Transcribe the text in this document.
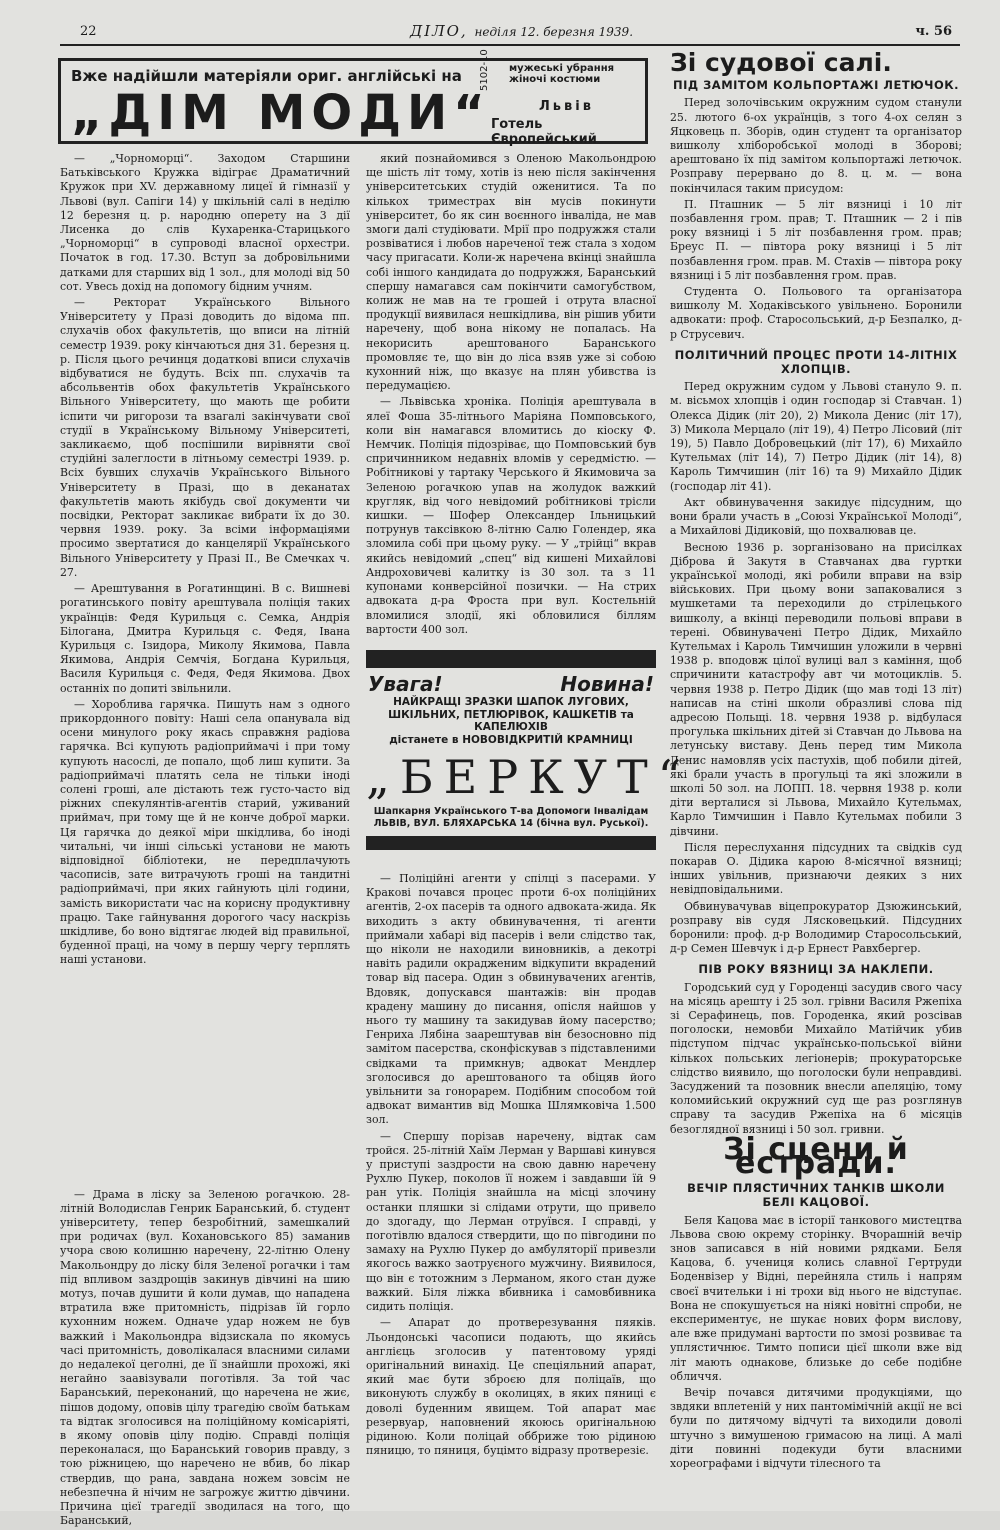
22	ДІЛО, неділя 12. березня 1939.	ч. 56
Вже надійшли матеріяли ориг. англійські на	мужеські убрання жіночі костюми
„ДІМ МОДИ“
5102-10
Львів
Готель Європейський

— „Чорноморці“. Заходом Старшини Батьківського Кружка відіграє Драматичний Кружок при XV. державному лицеї й гімназії у Львові (вул. Сапіги 14) у шкільній салі в неділю 12 березня ц. р. народню оперету на 3 дії Лисенка до слів Кухаренка-Старицького „Чорноморці“ в супроводі власної орхестри. Початок в год. 17.30. Вступ за добровільними датками для старших від 1 зол., для молоді від 50 сот. Увесь дохід на допомогу бідним учням.

— Ректорат Українського Вільного Університету у Празі доводить до відома пп. слухачів обох факультетів, що вписи на літній семестр 1939. року кінчаються дня 31. березня ц. р. Після цього речинця додаткові вписи слухачів відбуватися не будуть. Всіх пп. слухачів та абсольвентів обох факультетів Українського Вільного Університету, що мають ще робити іспити чи ригорози та взагалі закінчувати свої студії в Українському Вільному Університеті, закликаємо, щоб поспішили вирівняти свої студійні залеглости в літньому семестрі 1939. р. Всіх бувших слухачів Українського Вільного Університету в Празі, що в деканатах факультетів мають якібудь свої документи чи посвідки, Ректорат закликає вибрати їх до 30. червня 1939. року. За всіми інформаціями просимо звертатися до канцелярії Українського Вільного Університету у Празі II., Ве Смечках ч. 27.

— Арештування в Рогатинщині. В с. Вишневі рогатинського повіту арештувала поліція таких українців: Федя Курильця с. Семка, Андрія Білогана, Дмитра Курильця с. Федя, Івана Курильця с. Ізидора, Миколу Якимова, Павла Якимова, Андрія Семчія, Богдана Курильця, Василя Курильця с. Федя, Федя Якимова. Двох останніх по допиті звільнили.

— Хороблива гарячка. Пишуть нам з одного прикордонного повіту: Наші села опанувала від осени минулого року якась справжня радіова гарячка. Всі купують радіоприймачі і при тому купують насослі, де попало, щоб лиш купити. За радіоприймачі платять села не тільки іноді солені гроші, але дістають теж густо-часто від ріжних спекулянтів-агентів старий, уживаний приймач, при тому ще й не конче доброї марки. Ця гарячка до деякої міри шкідлива, бо іноді читальні, чи інші сільські установи не мають відповідної бібліотеки, не передплачують часописів, зате витрачують гроші на тандитні радіоприймачі, при яких гайнують цілі години, замість використати час на корисну продуктивну працю. Таке гайнування дорогого часу наскрізь шкідливе, бо воно відтягає людей від правильної, буденної праці, на чому в першу чергу терплять наші установи.

— Драма в ліску за Зеленою рогачкою. 28-літній Володислав Генрик Баранський, б. студент університету, тепер безробітний, замешкалий при родичах (вул. Кохановського 85) заманив учора свою колишню наречену, 22-літню Олену Макольондру до ліску біля Зеленої рогачки і там під впливом заздрощів закинув дівчині на шию мотуз, почав душити й коли думав, що нападена втратила вже притомність, підрізав їй горло кухонним ножем. Одначе удар ножем не був важкий і Макольондра відзискала по якомусь часі притомність, доволікалася власними силами до недалекої цеголні, де її знайшли прохожі, які негайно заавізували поготівля. За той час Баранський, переконаний, що наречена не жиє, пішов додому, оповів цілу трагедію своїм батькам та відтак зголосився на поліційному комісаріяті, в якому оповів цілу подію. Справді поліція переконалася, що Баранський говорив правду, з тою ріжницею, що наречено не вбив, бо лікар ствердив, що рана, завдана ножем зовсім не небезпечна й нічим не загрожує життю дівчини. Причина цієї трагедії зводилася на того, що Баранський,

який познайомився з Оленою Макольондрою ще шість літ тому, хотів із нею після закінчення університетських студій оженитися. Та по кількох триместрах він мусів покинути університет, бо як син воєнного інваліда, не мав змоги далі студіювати. Мрії про подружжя стали розвіватися і любов нареченої теж стала з ходом часу пригасати. Коли-ж наречена вкінці знайшла собі іншого кандидата до подружжя, Баранський спершу намагався сам покінчити самогубством, колиж не мав на те грошей і отрута власної продукції виявилася нешкідлива, він рішив убити наречену, щоб вона нікому не попалась. На некорисить арештованого Баранського промовляє те, що він до ліса взяв уже зі собою кухонний ніж, що вказує на плян убивства із передумацією.

— Львівська хроніка. Поліція арештувала в ялеї Фоша 35-літнього Маріяна Помповського, коли він намагався вломитись до кіоску Ф. Немчик. Поліція підозріває, що Помповський був спричинником недавніх вломів у середмістю. — Робітникові у тартаку Черського й Якимовича за Зеленою рогачкою упав на жолудок важкий кругляк, від чого невідомий робітникові трісли кишки. — Шофер Олександер Ільницький потрунув таксівкою 8-літню Салю Голендер, яка зломила собі при цьому руку. — У „трійці“ вкрав якийсь невідомий „спец“ від кишені Михайлові Андроховичеві калитку із 30 зол. та з 11 купонами конверсійної позички. — На стрих адвоката д-ра Фроста при вул. Костельній вломилися злодії, які обловилися біллям вартости 400 зол.

Увага!	Новина!
НАЙКРАЩІ ЗРАЗКИ ШАПОК ЛУГОВИХ, ШКІЛЬНИХ, ПЕТЛЮРІВОК, КАШКЕТІВ та КАПЕЛЮХІВ
дістанете в НОВОВІДКРИТІЙ КРАМНИЦІ
„БЕРКУТ“
Шапкарня Українського Т-ва Допомоги Інвалідам
ЛЬВІВ, ВУЛ. БЛЯХАРСЬКА 14 (бічна вул. Руської).

— Поліційні агенти у спілці з пасерами. У Кракові почався процес проти 6-ох поліційних агентів, 2-ох пасерів та одного адвоката-жида. Як виходить з акту обвинувачення, ті агенти приймали хабарі від пасерів і вели слідство так, що ніколи не находили виновників, а декотрі навіть радили окрадженим відкупити вкрадений товар від пасера. Один з обвинувачених агентів, Вдовяк, допускався шантажів: він продав крадену машину до писання, опісля найшов у нього ту машину та закидував йому пасерство; Генриха Лябіна заарештував він безосновно під замітом пасерства, сконфіскував з підставленими свідками та примкнув; адвокат Мендлер зголосився до арештованого та обіцяв його увільнити за гонорарем. Подібним способом той адвокат вимантив від Мошка Шлямковіча 1.500 зол.

— Спершу порізав наречену, відтак сам тройся. 25-літній Хаїм Лерман у Варшаві кинувся у приступі заздрости на свою давню наречену Рухлю Пукер, поколов її ножем і завдавши їй 9 ран утік. Поліція знайшла на місці злочину останки пляшки зі слідами отрути, що привело до здогаду, що Лерман отруївся. І справді, у поготівлю вдалося ствердити, що по півгодини по замаху на Рухлю Пукер до амбуляторії привезли якогось важко заотруєного мужчину. Виявилося, що він є тотожним з Лерманом, якого стан дуже важкий. Біля ліжка вбивника і самовбивника сидить поліція.

— Апарат до протверезування пяяків. Льондонські часописи подають, що якийсь англієць зголосив у патентовому уряді оригінальний винахід. Це спеціяльний апарат, який має бути зброєю для поліцаїв, що виконують службу в околицях, в яких пяниці є доволі буденним явищем. Той апарат має резервуар, наповнений якоюсь оригінальною рідиною. Коли поліцай оббриже тою рідиною пяницю, то пяниця, буцімто відразу протверезіє.

Зі судової салі.
ПІД ЗАМІТОМ КОЛЬПОРТАЖІ ЛЕТЮЧОК.

Перед золочівським окружним судом станули 25. лютого 6-ох українців, з того 4-ох селян з Яцковець п. Зборів, один студент та організатор вишколу хліборобської молоді в Зборові; арештовано їх під замітом кольпортажі летючок. Розправу перервано до 8. ц. м. — вона покінчилася таким присудом:

П. Пташник — 5 літ вязниці і 10 літ позбавлення гром. прав; Т. Пташник — 2 і пів року вязниці і 5 літ позбавлення гром. прав; Бреус П. — півтора року вязниці і 5 літ позбавлення гром. прав. М. Стахів — півтора року вязниці і 5 літ позбавлення гром. прав.

Студента О. Польового та організатора вишколу М. Ходаківського увільнено. Боронили адвокати: проф. Старосольський, д-р Безпалко, д-р Струсевич.

ПОЛІТИЧНИЙ ПРОЦЕС ПРОТИ 14-ЛІТНІХ ХЛОПЦІВ.

Перед окружним судом у Львові стануло 9. п. м. вісьмох хлопців і один господар зі Ставчан. 1) Олекса Дідик (літ 20), 2) Микола Денис (літ 17), 3) Микола Мерцало (літ 19), 4) Петро Лісовий (літ 19), 5) Павло Добровецький (літ 17), 6) Михайло Кутельмах (літ 14), 7) Петро Дідик (літ 14), 8) Кароль Тимчишин (літ 16) та 9) Михайло Дідик (господар літ 41).

Акт обвинувачення закидує підсудним, що вони брали участь в „Союзі Української Молоді“, а Михайлові Дідиковій, що похвалював це.

Весною 1936 р. зорганізовано на присілках Діброва й Закутя в Ставчанах два гуртки української молоді, які робили вправи на взір військових. При цьому вони запаковалися з мушкетами та переходили до стрілецького вишколу, а вкінці переводили польові вправи в терені. Обвинувачені Петро Дідик, Михайло Кутельмах і Кароль Тимчишин уложили в червні 1938 р. вподовж цілої вулиці вал з каміння, щоб спричинити катастрофу авт чи мотоциклів. 5. червня 1938 р. Петро Дідик (що мав тоді 13 літ) написав на стіні школи образливі слова під адресою Польщі. 18. червня 1938 р. відбулася прогулька шкільних дітей зі Ставчан до Львова на летунську виставу. День перед тим Микола Денис намовляв усіх пастухів, щоб побили дітей, які брали участь в прогульці та які зложили в школі 50 зол. на ЛОПП. 18. червня 1938 р. коли діти верталися зі Львова, Михайло Кутельмах, Карло Тимчишин і Павло Кутельмах побили 3 дівчини.

Після переслухання підсудних та свідків суд покарав О. Дідика карою 8-місячної вязниці; інших увільнив, признаючи деяких з них невідповідальними.

Обвинувачував віцепрокуратор Дзюжинський, розправу вів судя Лясковецький. Підсудних боронили: проф. д-р Володимир Старосольський, д-р Семен Шевчук і д-р Ернест Равхбергер.

ПІВ РОКУ ВЯЗНИЦІ ЗА НАКЛЕПИ.

Городський суд у Городенці засудив свого часу на місяць арешту і 25 зол. грівни Василя Ржепіха зі Серафинець, пов. Городенка, який розсівав поголоски, немовби Михайло Матійчик убив підступом підчас українсько-польської війни кількох польських легіонерів; прокураторське слідство виявило, що поголоски були неправдиві. Засуджений та позовник внесли апеляцію, тому коломийський окружний суд ще раз розглянув справу та засудив Ржепіха на 6 місяців безоглядної вязниці і 50 зол. гривни.

Зі сцени й естради.
ВЕЧІР ПЛЯСТИЧНИХ ТАНКІВ ШКОЛИ БЕЛІ КАЦОВОЇ.

Беля Кацова має в історії танкового мистецтва Львова свою окрему сторінку. Вчорашній вечір знов записався в ній новими рядками. Беля Кацова, б. учениця колись славної Гертруди Боденвізер у Відні, перейняла стиль і напрям своєї вчительки і ні трохи від нього не відступає. Вона не спокушується на ніякі новітні спроби, не експериментує, не шукає нових форм вислову, але вже придумані вартости по змозі розвиває та уплястичнює. Тимто пописи цієї школи вже від літ мають однакове, близьке до себе подібне обличчя.

Вечір почався дитячими продукціями, що звдяки вплетеній у них пантомімічній акції не всі були по дитячому відчуті та виходили доволі штучно з вимушеною гримасою на лиці. А малі діти повинні подекуди бути власними хореографами і відчути тілесного та
